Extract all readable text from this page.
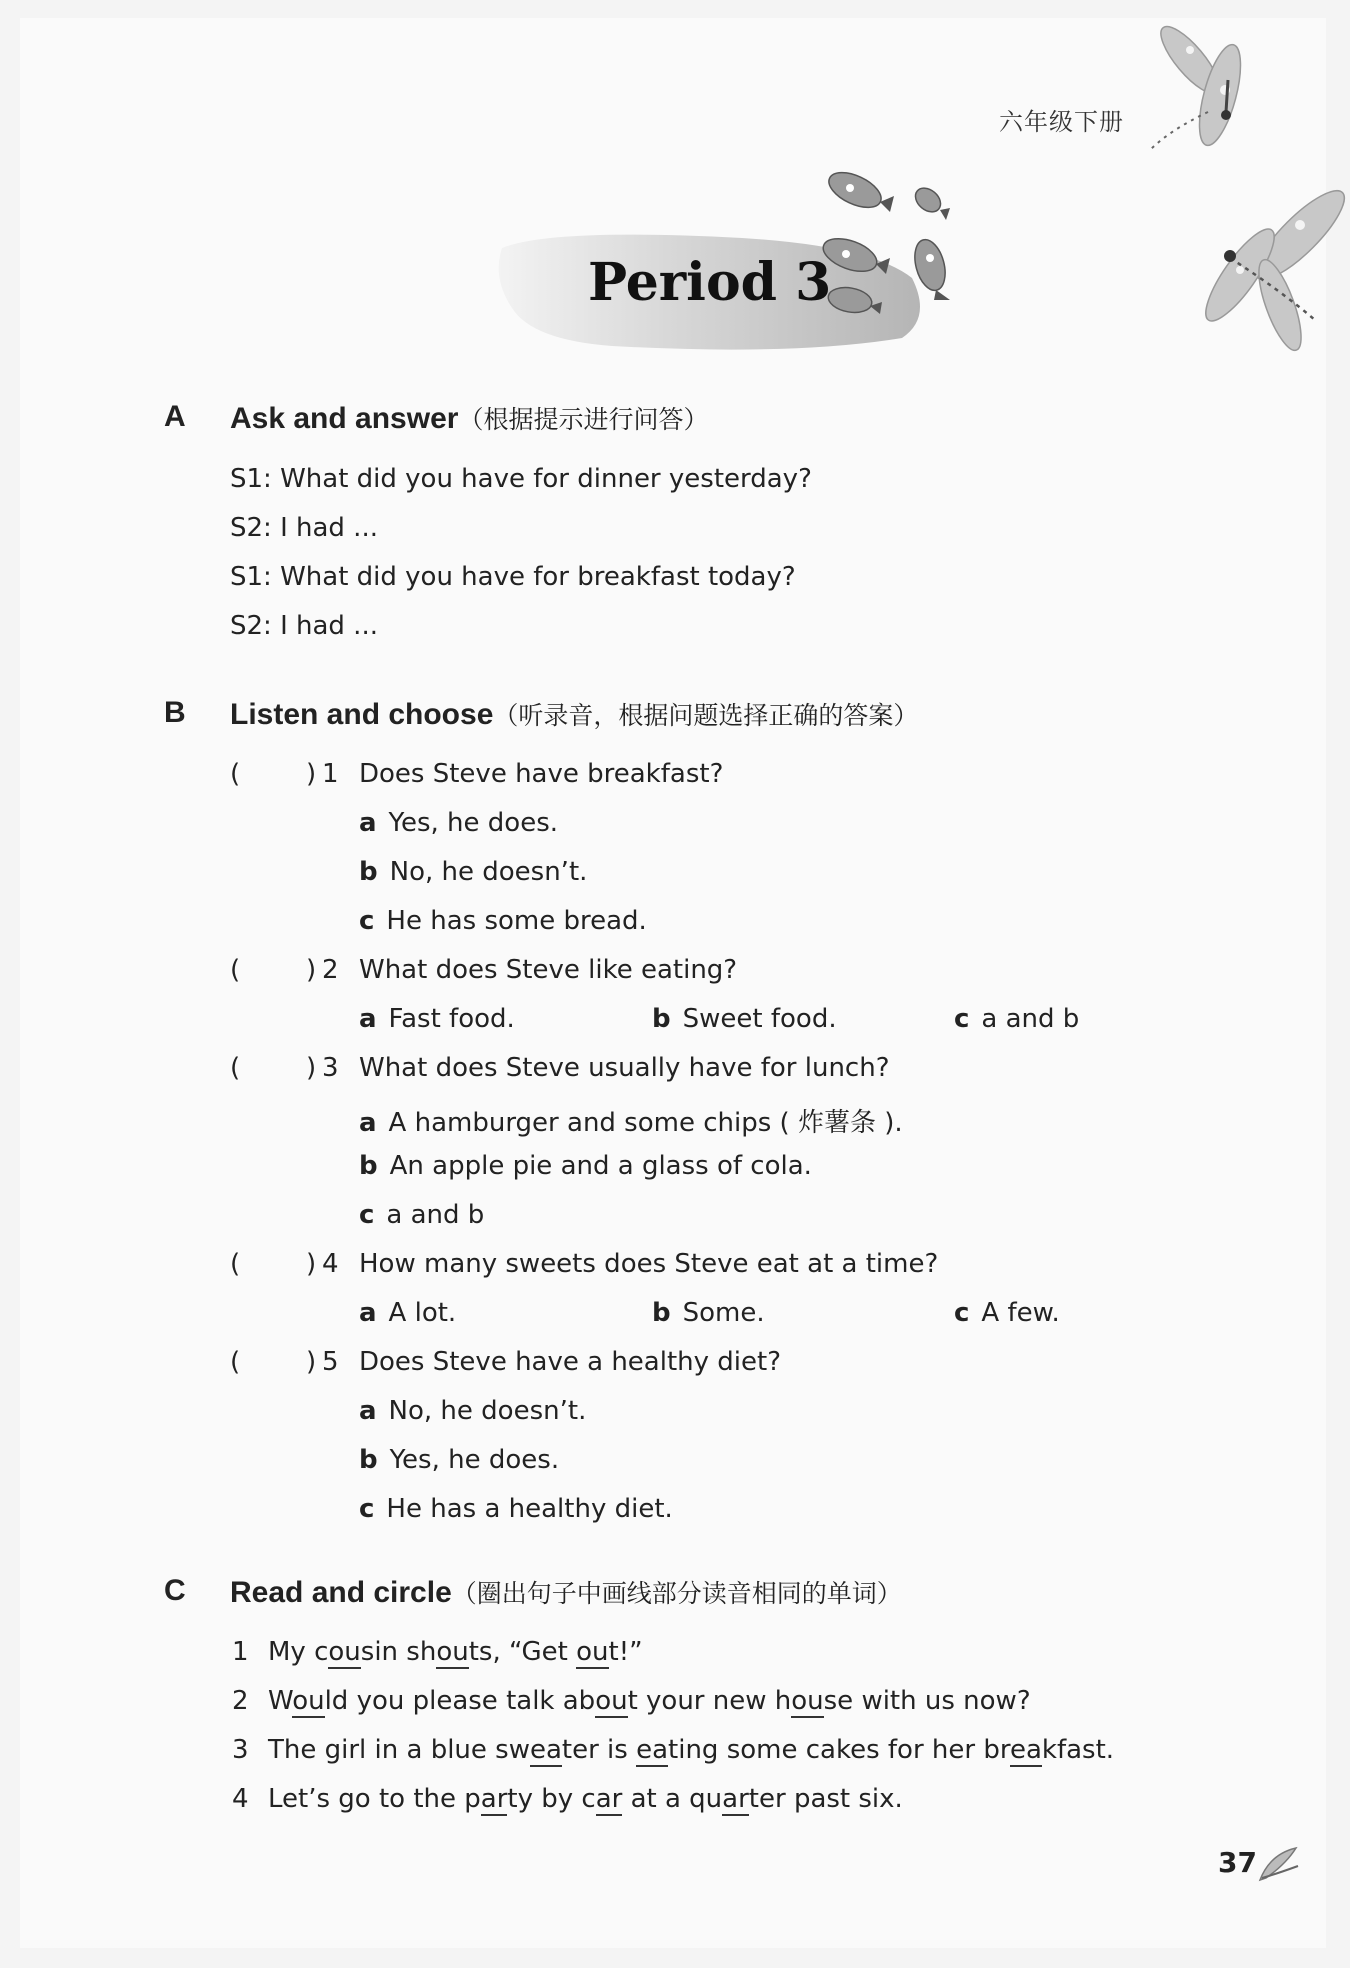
六年级下册
Period 3
A Ask and answer（根据提示进行问答）
S1: What did you have for dinner yesterday?
S2: I had ...
S1: What did you have for breakfast today?
S2: I had ...
B Listen and choose（听录音，根据问题选择正确的答案）
(	) 1 Does Steve have breakfast?
a Yes, he does.
b No, he doesn’t.
c He has some bread.
(	) 2 What does Steve like eating?
a Fast food.	b Sweet food.	c a and b
(	) 3 What does Steve usually have for lunch?
a A hamburger and some chips ( 炸薯条 ).
b An apple pie and a glass of cola.
c a and b
(	) 4 How many sweets does Steve eat at a time?
a A lot.	b Some.	c A few.
(	) 5 Does Steve have a healthy diet?
a No, he doesn’t.
b Yes, he does.
c He has a healthy diet.
C Read and circle（圈出句子中画线部分读音相同的单词）
1 My cousin shouts, “Get out!”
2 Would you please talk about your new house with us now?
3 The girl in a blue sweater is eating some cakes for her breakfast.
4 Let’s go to the party by car at a quarter past six.
37
